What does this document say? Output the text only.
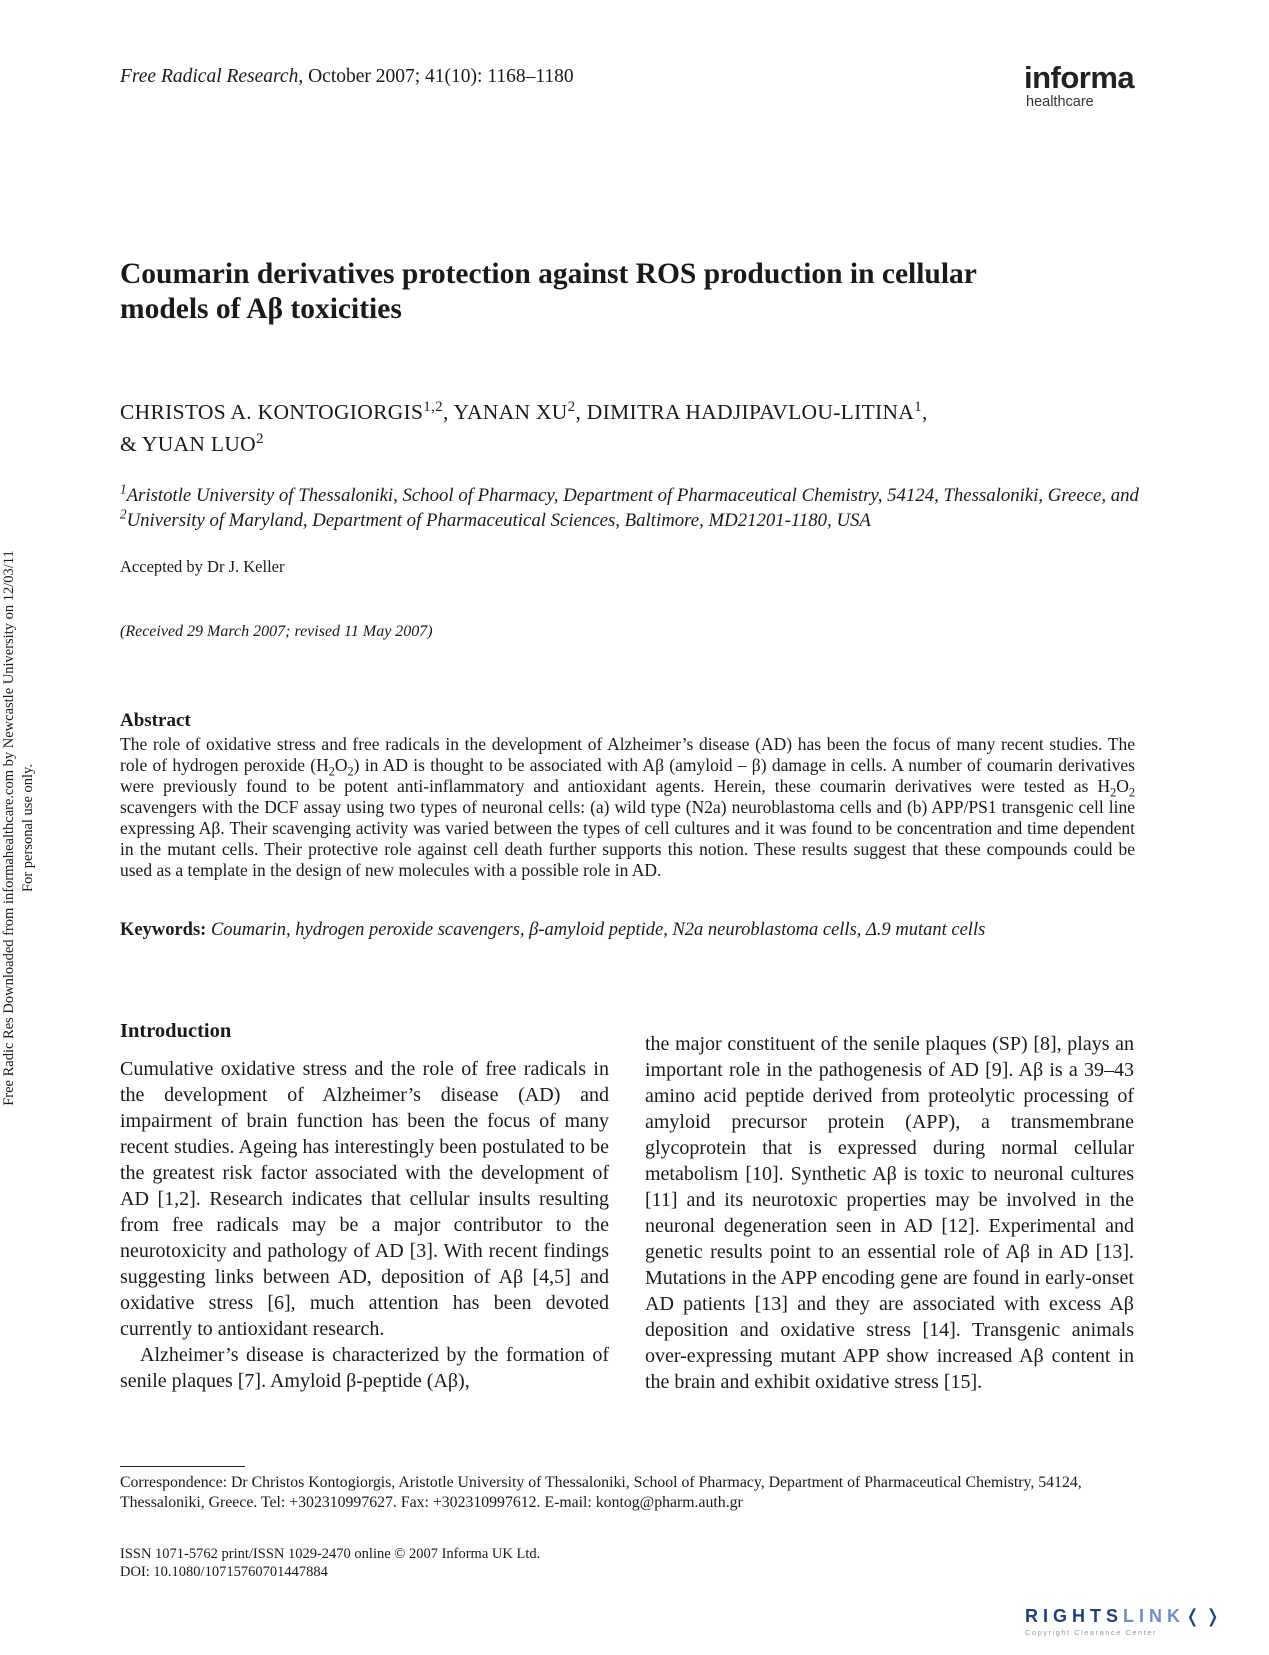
Free Radical Research, October 2007; 41(10): 1168–1180	informa
healthcare
Coumarin derivatives protection against ROS production in cellular
models of Aβ toxicities
CHRISTOS A. KONTOGIORGIS$^{1,2}$, YANAN $XU^2$, DIMITRA HADJIPAVLOU-LITINA$^1$,
& YUAN LUO$^2$
$^1$Aristotle University of Thessaloniki, School of Pharmacy, Department of Pharmaceutical Chemistry, 54124, Thessaloniki, Greece, and $^2$University of Maryland, Department of Pharmaceutical Sciences, Baltimore, MD21201-1180, USA
Accepted by Dr J. Keller
(Received 29 March 2007; revised 11 May 2007)
Abstract
The role of oxidative stress and free radicals in the development of Alzheimer’s disease (AD) has been the focus of many recent studies. The role of hydrogen peroxide $(H_2O_2)$ in AD is thought to be associated with Aβ (amyloid – β) damage in cells. A number of coumarin derivatives were previously found to be potent anti-inflammatory and antioxidant agents. Herein, these coumarin derivatives were tested as $H_2O_2$ scavengers with the DCF assay using two types of neuronal cells: (a) wild type (N2a) neuroblastoma cells and (b) APP/PS1 transgenic cell line expressing Aβ. Their scavenging activity was varied between the types of cell cultures and it was found to be concentration and time dependent in the mutant cells. Their protective role against cell death further supports this notion. These results suggest that these compounds could be used as a template in the design of new molecules with a possible role in AD.
Keywords: Coumarin, hydrogen peroxide scavengers, β-amyloid peptide, N2a neuroblastoma cells, Δ.9 mutant cells
Introduction

Cumulative oxidative stress and the role of free radicals in the development of Alzheimer’s disease (AD) and impairment of brain function has been the focus of many recent studies. Ageing has interestingly been postulated to be the greatest risk factor associated with the development of AD [1,2]. Research indicates that cellular insults resulting from free radicals may be a major contributor to the neurotoxicity and pathology of AD [3]. With recent findings suggesting links between AD, deposition of Aβ [4,5] and oxidative stress [6], much attention has been devoted currently to antioxidant research.

Alzheimer’s disease is characterized by the formation of senile plaques [7]. Amyloid β-peptide (Aβ),

the major constituent of the senile plaques (SP) [8], plays an important role in the pathogenesis of AD [9]. Aβ is a 39–43 amino acid peptide derived from proteolytic processing of amyloid precursor protein (APP), a transmembrane glycoprotein that is expressed during normal cellular metabolism [10]. Synthetic Aβ is toxic to neuronal cultures [11] and its neurotoxic properties may be involved in the neuronal degeneration seen in AD [12]. Experimental and genetic results point to an essential role of Aβ in AD [13]. Mutations in the APP encoding gene are found in early-onset AD patients [13] and they are associated with excess Aβ deposition and oxidative stress [14]. Transgenic animals over-expressing mutant APP show increased Aβ content in the brain and exhibit oxidative stress [15].

Correspondence: Dr Christos Kontogiorgis, Aristotle University of Thessaloniki, School of Pharmacy, Department of Pharmaceutical Chemistry, 54124, Thessaloniki, Greece. Tel: +302310997627. Fax: +302310997612. E-mail: kontog@pharm.auth.gr
ISSN 1071-5762 print/ISSN 1029-2470 online © 2007 Informa UK Ltd.
DOI: 10.1080/10715760701447884
Free Radic Res Downloaded from informahealthcare.com by Newcastle University on 12/03/11 For personal use only.
RIGHTSLINK❬❭
Copyright Clearance Center
